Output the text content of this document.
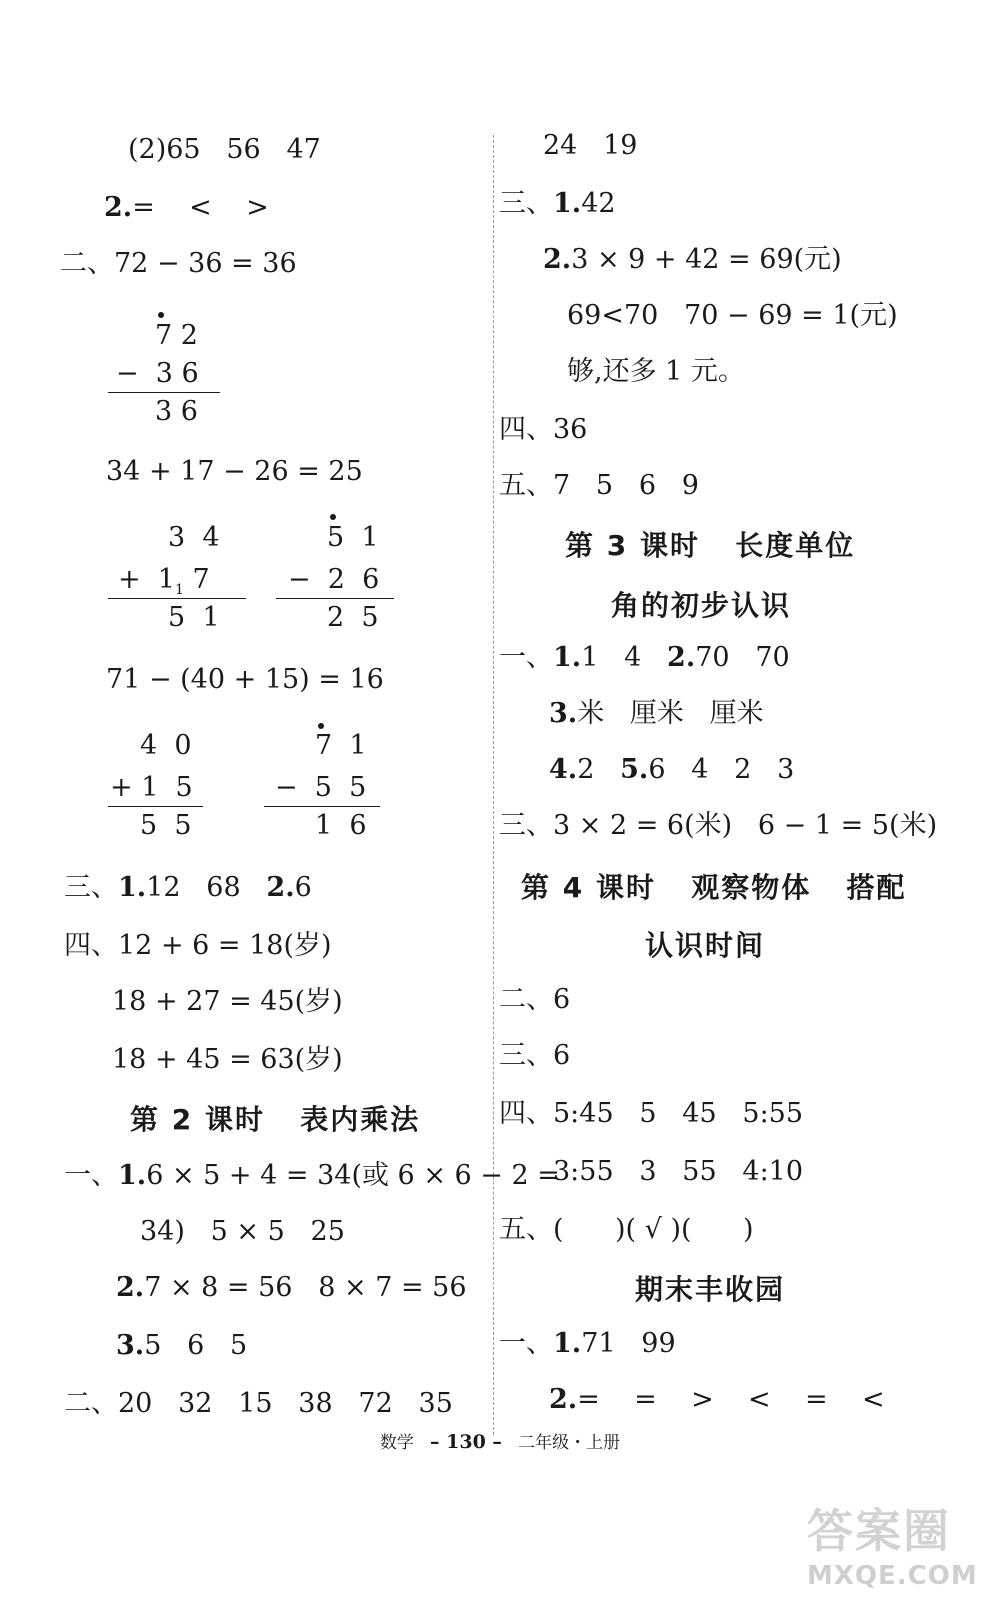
(2)65   56   47
2.=    <    >
二、72 − 36 = 36
7 2
−  3 6
3 6
34 + 17 − 26 = 25
3  4
+  $1_1$ 7
5  1
5  1
−  2  6
2  5
71 − (40 + 15) = 16
4  0
+ 1  5
5  5
7  1
−  5  5
1  6
三、1.12   68   2.6
四、12 + 6 = 18(岁)
18 + 27 = 45(岁)
18 + 45 = 63(岁)
第 2 课时   表内乘法
一、1.6 × 5 + 4 = 34(或 6 × 6 − 2 =
34)   5 × 5   25
2.7 × 8 = 56   8 × 7 = 56
3.5   6   5
二、20   32   15   38   72   35
24   19
三、1.42
2.3 × 9 + 42 = 69(元)
69<70   70 − 69 = 1(元)
够,还多 1 元。
四、36
五、7   5   6   9
第 3 课时   长度单位
角的初步认识
一、1.1   4   2.70   70
3.米   厘米   厘米
4.2   5.6   4   2   3
三、3 × 2 = 6(米)   6 − 1 = 5(米)
第 4 课时   观察物体   搭配
认识时间
二、6
三、6
四、5:45   5   45   5:55
3:55   3   55   4:10
五、(      )( √ )(      )
期末丰收园
一、1.71   99
2.=    =    >    <    =    <
数学 – 130 – 二年级・上册
答案圈
MXQE.COM
